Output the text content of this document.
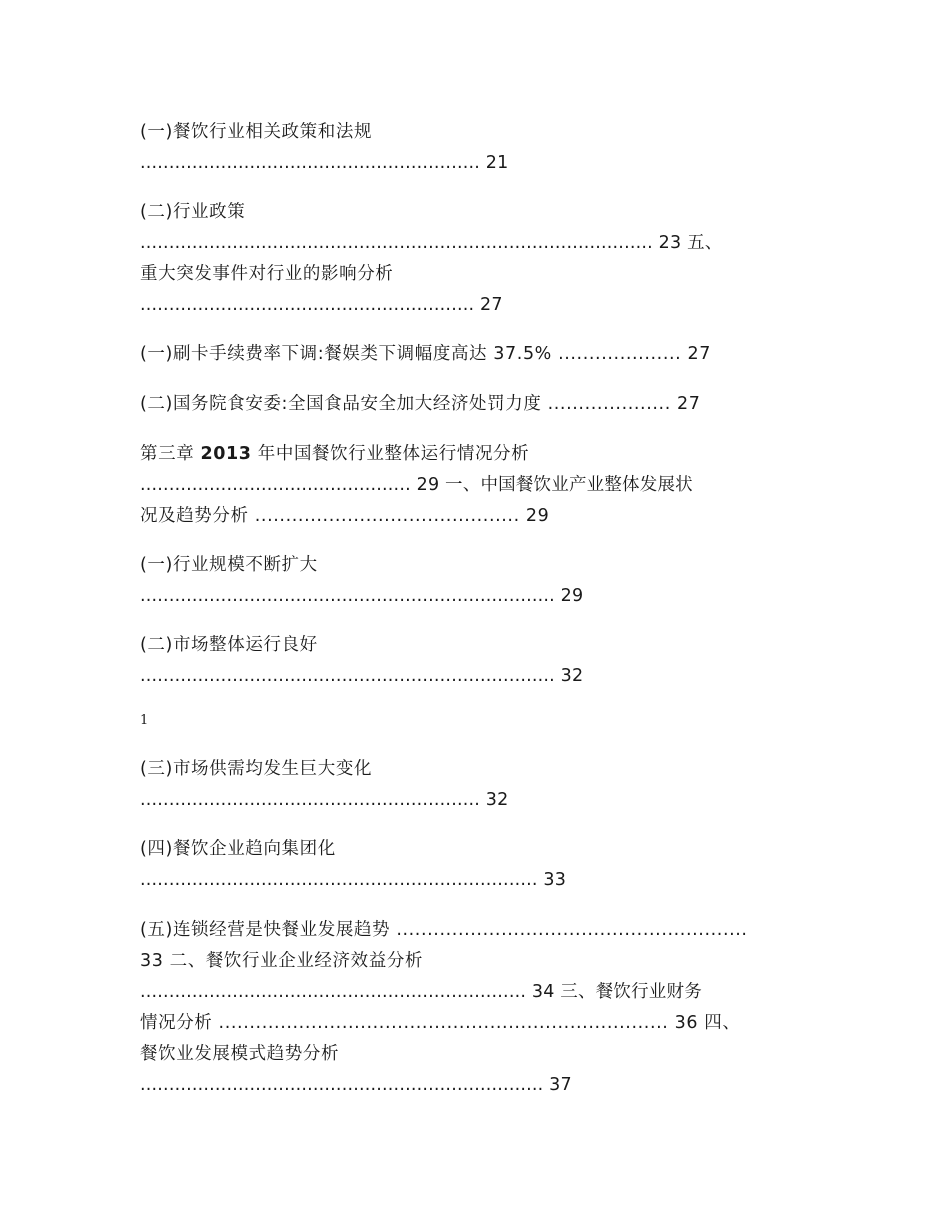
(一)餐饮行业相关政策和法规
........................................................... 21
(二)行业政策
......................................................................................... 23 五、
重大突发事件对行业的影响分析
.......................................................... 27
(一)刷卡手续费率下调:餐娱类下调幅度高达 37.5% .................... 27
(二)国务院食安委:全国食品安全加大经济处罚力度 .................... 27
第三章 2013 年中国餐饮行业整体运行情况分析
............................................... 29 一、中国餐饮业产业整体发展状
况及趋势分析 ........................................... 29
(一)行业规模不断扩大
........................................................................ 29
(二)市场整体运行良好
........................................................................ 32
1
(三)市场供需均发生巨大变化
........................................................... 32
(四)餐饮企业趋向集团化
..................................................................... 33
(五)连锁经营是快餐业发展趋势 .........................................................
33 二、餐饮行业企业经济效益分析
................................................................... 34 三、餐饮行业财务
情况分析 ......................................................................... 36 四、
餐饮业发展模式趋势分析
...................................................................... 37
